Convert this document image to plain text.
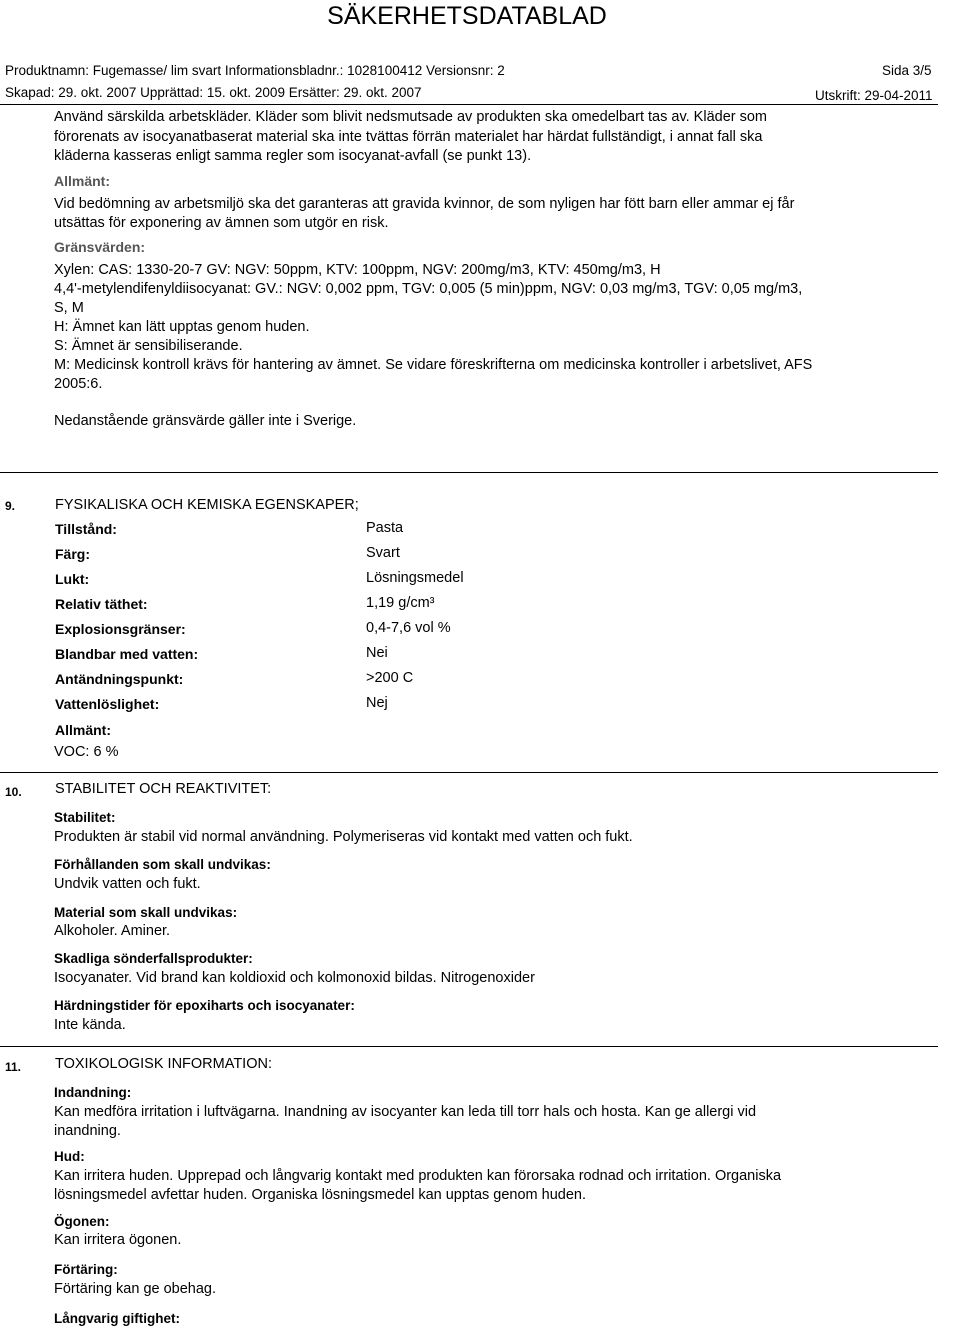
SÄKERHETSDATABLAD
Produktnamn: Fugemasse/ lim svart Informationsbladnr.: 1028100412 Versionsnr: 2	Sida 3/5
Skapad: 29. okt. 2007 Upprättad: 15. okt. 2009 Ersätter: 29. okt. 2007	Utskrift: 29-04-2011
Använd särskilda arbetskläder. Kläder som blivit nedsmutsade av produkten ska omedelbart tas av. Kläder som
förorenats av isocyanatbaserat material ska inte tvättas förrän materialet har härdat fullständigt, i annat fall ska
kläderna kasseras enligt samma regler som isocyanat-avfall (se punkt 13).
Allmänt:
Vid bedömning av arbetsmiljö ska det garanteras att gravida kvinnor, de som nyligen har fött barn eller ammar ej får
utsättas för exponering av ämnen som utgör en risk.
Gränsvärden:
Xylen: CAS: 1330-20-7 GV: NGV: 50ppm, KTV: 100ppm, NGV: 200mg/m3, KTV: 450mg/m3, H
4,4'-metylendifenyldiisocyanat: GV.: NGV: 0,002 ppm, TGV: 0,005 (5 min)ppm, NGV: 0,03 mg/m3, TGV: 0,05 mg/m3,
S, M
H: Ämnet kan lätt upptas genom huden.
S: Ämnet är sensibiliserande.
M: Medicinsk kontroll krävs för hantering av ämnet. Se vidare föreskrifterna om medicinska kontroller i arbetslivet, AFS
2005:6.
Nedanstående gränsvärde gäller inte i Sverige.
9.	FYSIKALISKA OCH KEMISKA EGENSKAPER;
Tillstånd:	Pasta
Färg:	Svart
Lukt:	Lösningsmedel
Relativ täthet:	1,19 g/cm³
Explosionsgränser:	0,4-7,6 vol %
Blandbar med vatten:	Nei
Antändningspunkt:	>200 C
Vattenlöslighet:	Nej
Allmänt:
VOC: 6 %
10. STABILITET OCH REAKTIVITET:
Stabilitet:
Produkten är stabil vid normal användning. Polymeriseras vid kontakt med vatten och fukt.
Förhållanden som skall undvikas:
Undvik vatten och fukt.
Material som skall undvikas:
Alkoholer. Aminer.
Skadliga sönderfallsprodukter:
Isocyanater. Vid brand kan koldioxid och kolmonoxid bildas. Nitrogenoxider
Härdningstider för epoxiharts och isocyanater:
Inte kända.
11. TOXIKOLOGISK INFORMATION:
Indandning:
Kan medföra irritation i luftvägarna. Inandning av isocyanter kan leda till torr hals och hosta. Kan ge allergi vid
inandning.
Hud:
Kan irritera huden. Upprepad och långvarig kontakt med produkten kan förorsaka rodnad och irritation. Organiska
lösningsmedel avfettar huden. Organiska lösningsmedel kan upptas genom huden.
Ögonen:
Kan irritera ögonen.
Förtäring:
Förtäring kan ge obehag.
Långvarig giftighet:
